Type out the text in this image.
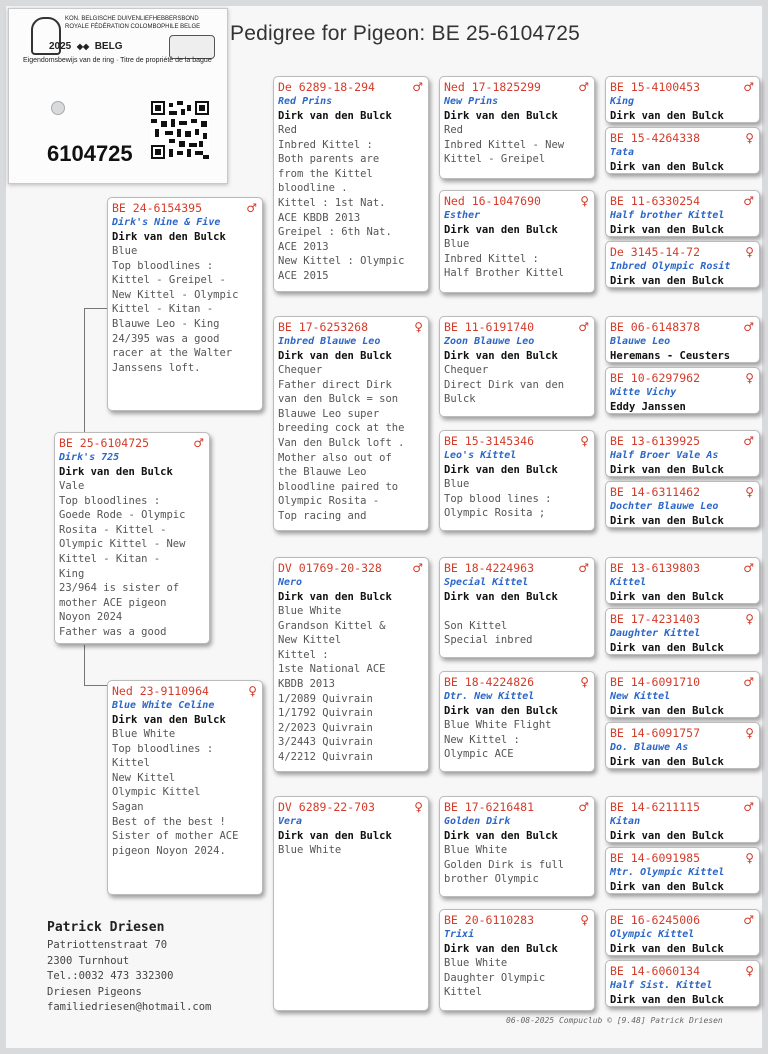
Pedigree for Pigeon: BE 25-6104725
KON. BELGISCHE DUIVENLIEFHEBBERSBOND
ROYALE FÉDÉRATION COLOMBOPHILE BELGE
2025 ◆◆ BELG
Eigendomsbewijs van de ring · Titre de propriété de la bague
6104725
BE 25-6104725	♂
Dirk's 725
Dirk van den Bulck
Vale
Top bloodlines :
Goede Rode - Olympic
Rosita - Kittel -
Olympic Kittel - New
Kittel - Kitan -
King
23/964 is sister of
mother ACE pigeon
Noyon 2024
Father was a good
BE 24-6154395	♂
Dirk's Nine & Five
Dirk van den Bulck
Blue
Top bloodlines :
Kittel - Greipel -
New Kittel - Olympic
Kittel - Kitan -
Blauwe Leo - King
24/395 was a good
racer at the Walter
Janssens loft.
Ned 23-9110964	♀
Blue White Celine
Dirk van den Bulck
Blue White
Top bloodlines :
Kittel
New Kittel
Olympic Kittel
Sagan
Best of the best !
Sister of mother ACE
pigeon Noyon 2024.
De 6289-18-294	♂
Red Prins
Dirk van den Bulck
Red
Inbred Kittel :
Both parents are
from the Kittel
bloodline .
Kittel : 1st Nat.
ACE KBDB 2013
Greipel : 6th Nat.
ACE 2013
New Kittel : Olympic
ACE 2015
BE 17-6253268	♀
Inbred Blauwe Leo
Dirk van den Bulck
Chequer
Father direct Dirk
van den Bulck = son
Blauwe Leo super
breeding cock at the
Van den Bulck loft .
Mother also out of
the Blauwe Leo
bloodline paired to
Olympic Rosita -
Top racing and
DV 01769-20-328	♂
Nero
Dirk van den Bulck
Blue White
Grandson Kittel &
New Kittel
Kittel :
1ste National ACE
KBDB 2013
1/2089 Quivrain
1/1792 Quivrain
2/2023 Quivrain
3/2443 Quivrain
4/2212 Quivrain
DV 6289-22-703	♀
Vera
Dirk van den Bulck
Blue White
Ned 17-1825299	♂
New Prins
Dirk van den Bulck
Red
Inbred Kittel - New
Kittel - Greipel
Ned 16-1047690	♀
Esther
Dirk van den Bulck
Blue
Inbred Kittel :
Half Brother Kittel
BE 11-6191740	♂
Zoon Blauwe Leo
Dirk van den Bulck
Chequer
Direct Dirk van den
Bulck
BE 15-3145346	♀
Leo's Kittel
Dirk van den Bulck
Blue
Top blood lines :
Olympic Rosita ;
BE 18-4224963	♂
Special Kittel
Dirk van den Bulck

Son Kittel
Special inbred
BE 18-4224826	♀
Dtr. New Kittel
Dirk van den Bulck
Blue White Flight
New Kittel :
Olympic ACE
BE 17-6216481	♂
Golden Dirk
Dirk van den Bulck
Blue White
Golden Dirk is full
brother Olympic
BE 20-6110283	♀
Trixi
Dirk van den Bulck
Blue White
Daughter Olympic
Kittel
BE 15-4100453	♂
King
Dirk van den Bulck
BE 15-4264338	♀
Tata
Dirk van den Bulck
BE 11-6330254	♂
Half brother Kittel
Dirk van den Bulck
De 3145-14-72	♀
Inbred Olympic Rosit
Dirk van den Bulck
BE 06-6148378	♂
Blauwe Leo
Heremans - Ceusters
BE 10-6297962	♀
Witte Vichy
Eddy Janssen
BE 13-6139925	♂
Half Broer Vale As
Dirk van den Bulck
BE 14-6311462	♀
Dochter Blauwe Leo
Dirk van den Bulck
BE 13-6139803	♂
Kittel
Dirk van den Bulck
BE 17-4231403	♀
Daughter Kittel
Dirk van den Bulck
BE 14-6091710	♂
New Kittel
Dirk van den Bulck
BE 14-6091757	♀
Do. Blauwe As
Dirk van den Bulck
BE 14-6211115	♂
Kitan
Dirk van den Bulck
BE 14-6091985	♀
Mtr. Olympic Kittel
Dirk van den Bulck
BE 16-6245006	♂
Olympic Kittel
Dirk van den Bulck
BE 14-6060134	♀
Half Sist. Kittel
Dirk van den Bulck
Patrick Driesen
Patriottenstraat 70
2300 Turnhout
Tel.:0032 473 332300
Driesen Pigeons
familiedriesen@hotmail.com
06-08-2025 Compuclub © [9.48] Patrick Driesen
